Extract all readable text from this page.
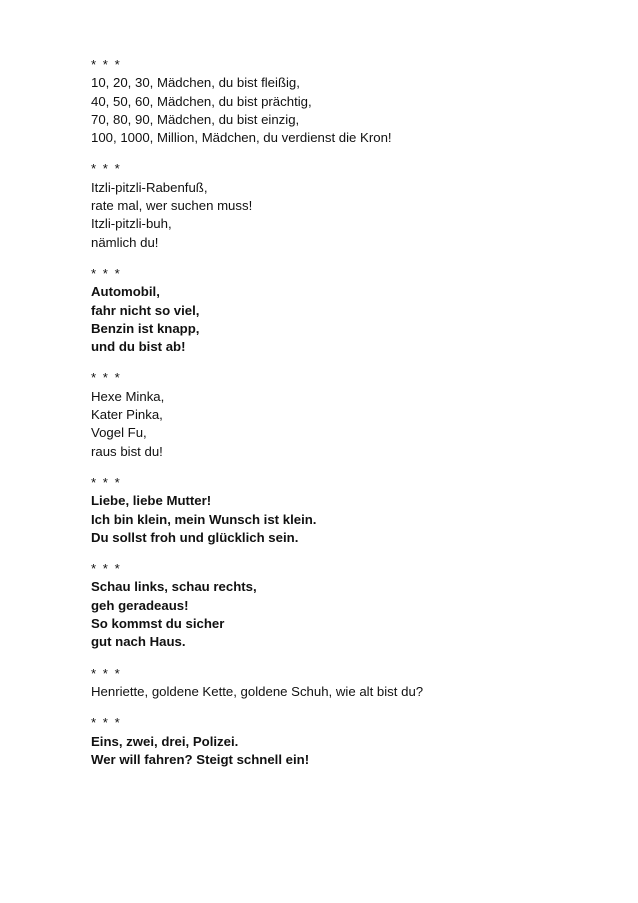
* * *
10, 20, 30, Mädchen, du bist fleißig,
40, 50, 60, Mädchen, du bist prächtig,
70, 80, 90, Mädchen, du bist einzig,
100, 1000, Million, Mädchen, du verdienst die Kron!
* * *
Itzli-pitzli-Rabenfuß,
rate mal, wer suchen muss!
Itzli-pitzli-buh,
nämlich du!
* * *
Automobil,
fahr nicht so viel,
Benzin ist knapp,
und du bist ab!
* * *
Hexe Minka,
Kater Pinka,
Vogel Fu,
raus bist du!
* * *
Liebe, liebe Mutter!
Ich bin klein, mein Wunsch ist klein.
Du sollst froh und glücklich sein.
* * *
Schau links, schau rechts,
geh geradeaus!
So kommst du sicher
gut nach Haus.
* * *
Henriette, goldene Kette, goldene Schuh, wie alt bist du?
* * *
Eins, zwei, drei, Polizei.
Wer will fahren? Steigt schnell ein!
